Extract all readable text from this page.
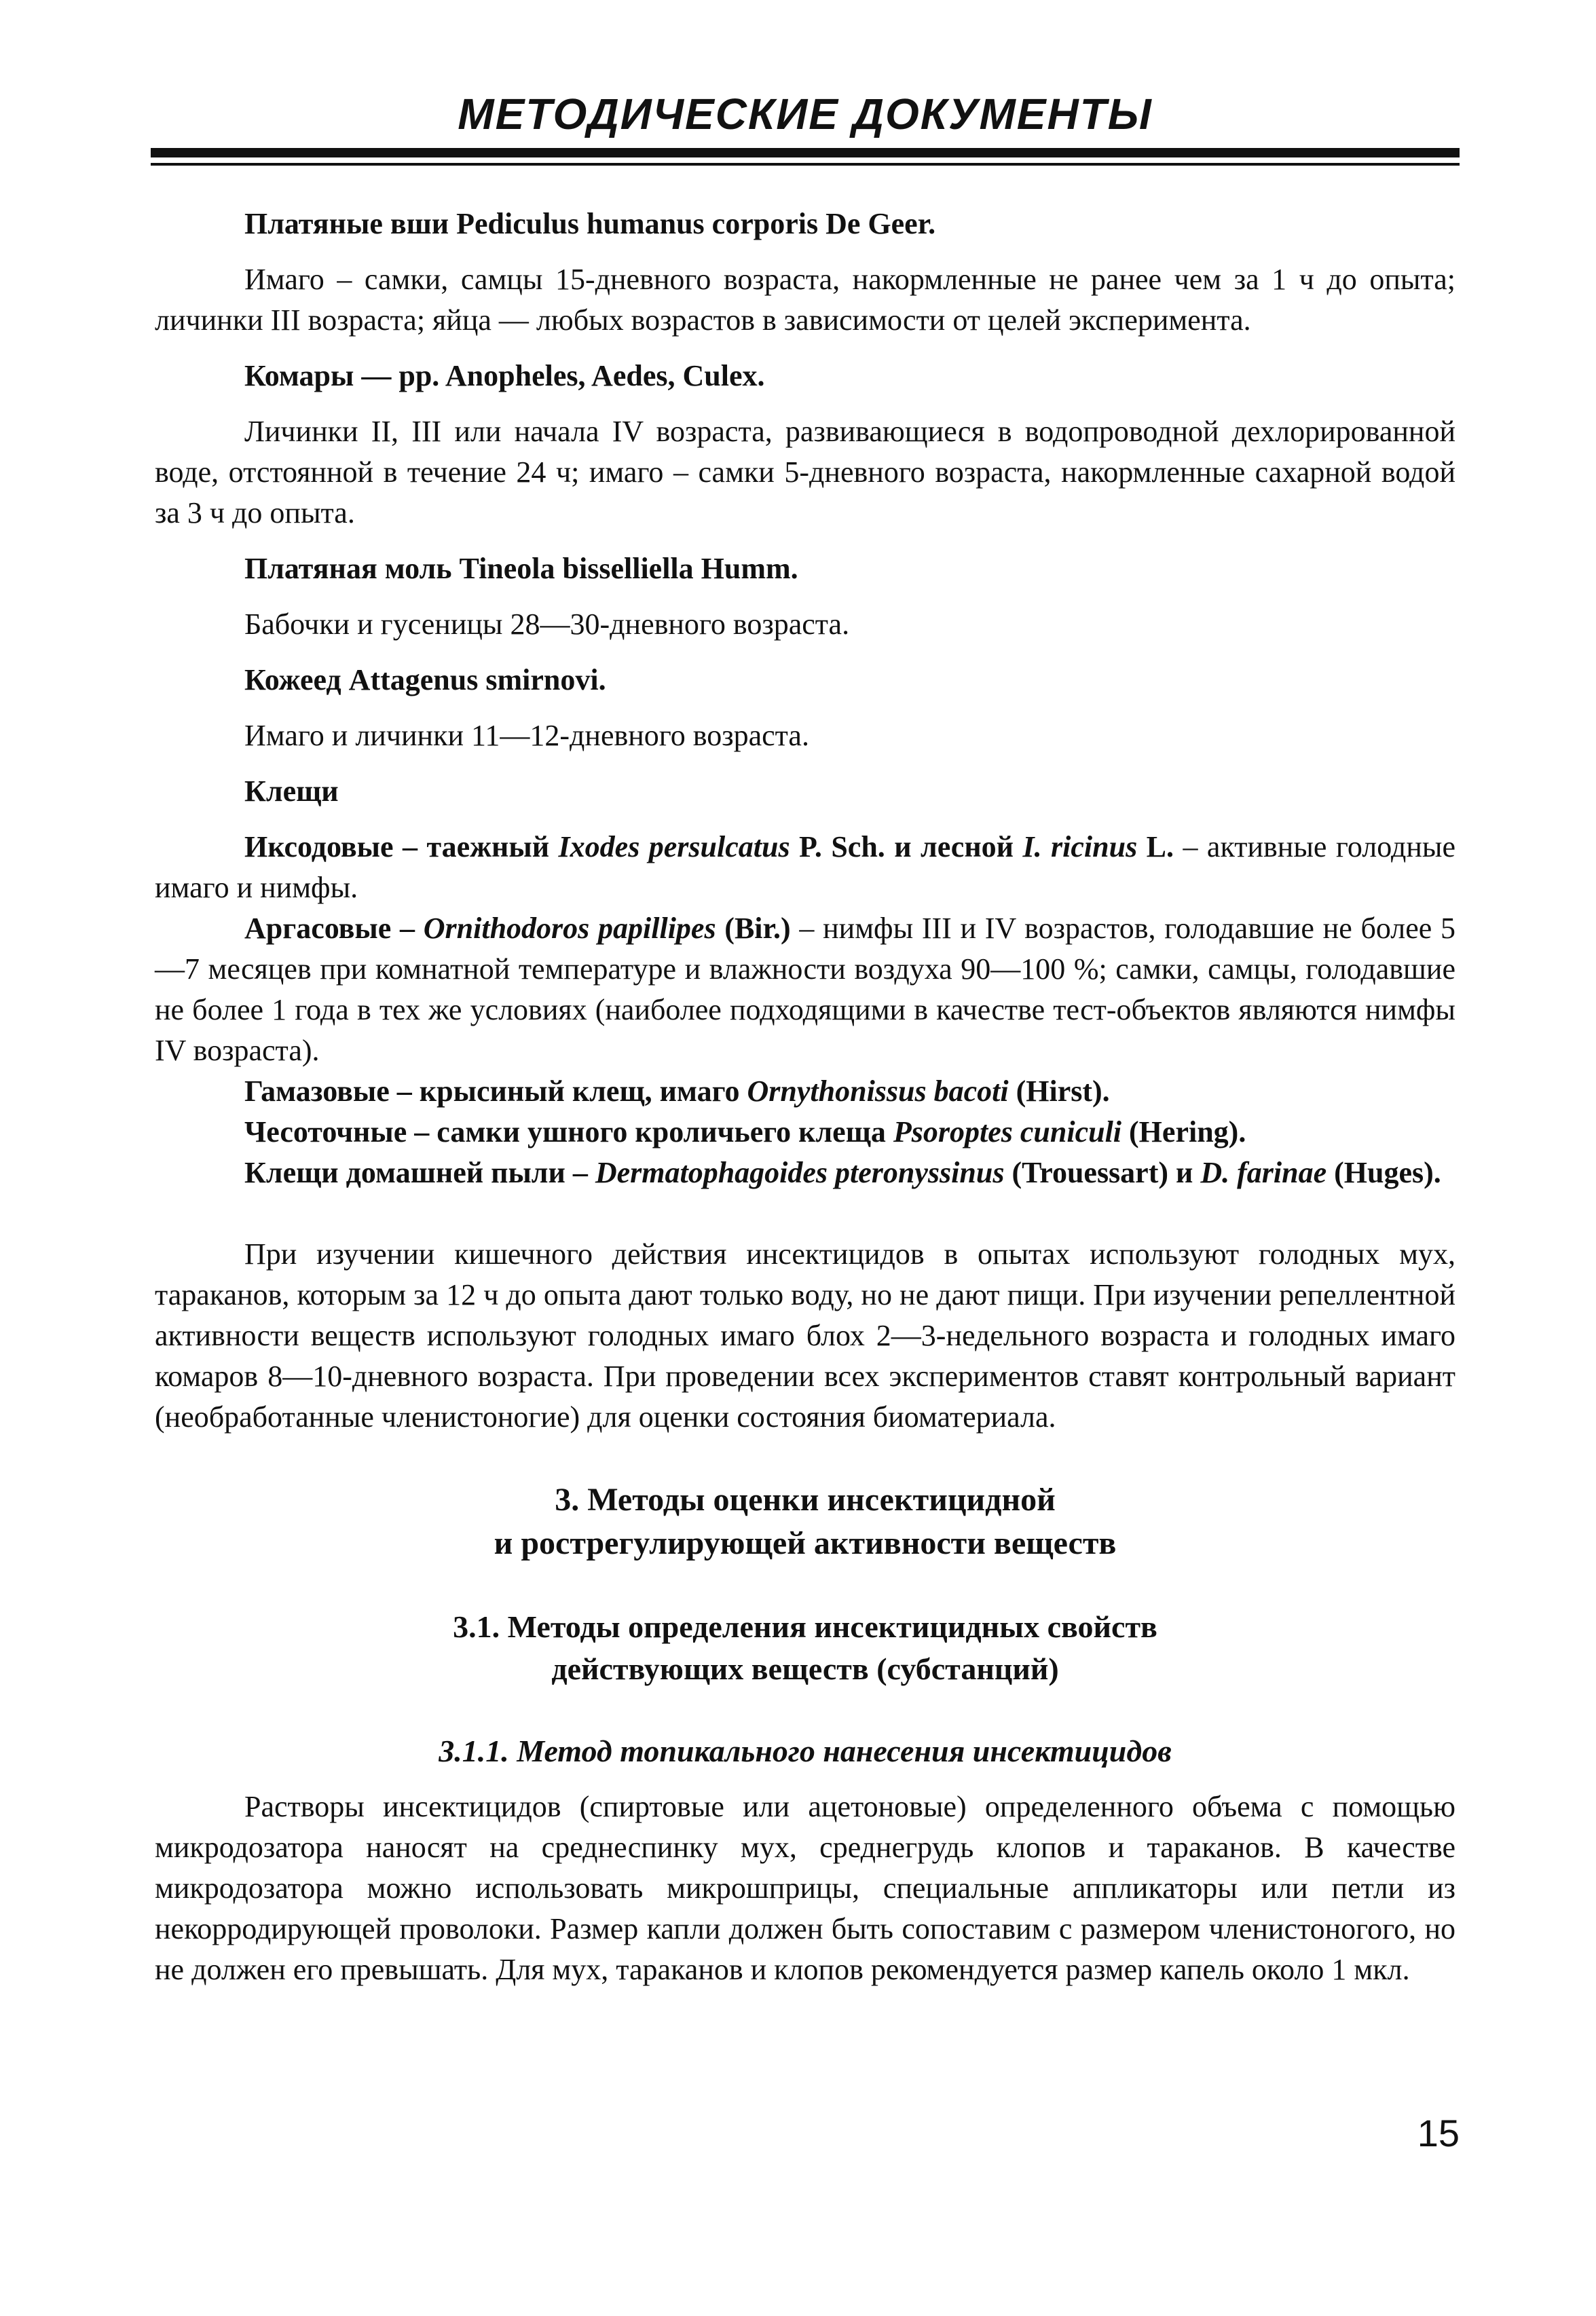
МЕТОДИЧЕСКИЕ ДОКУМЕНТЫ

Платяные вши Pediculus humanus corporis De Geer.

Имаго – самки, самцы 15-дневного возраста, накормленные не ранее чем за 1 ч до опыта; личинки III возраста; яйца — любых возрастов в зависимости от целей эксперимента.

Комары — pp. Anopheles, Aedes, Culex.

Личинки II, III или начала IV возраста, развивающиеся в водопроводной дехлорированной воде, отстоянной в течение 24 ч; имаго – самки 5-дневного возраста, накормленные сахарной водой за 3 ч до опыта.

Платяная моль Tineola bisselliella Humm.

Бабочки и гусеницы 28—30-дневного возраста.

Кожеед Attagenus smirnovi.

Имаго и личинки 11—12-дневного возраста.

Клещи

Иксодовые – таежный Ixodes persulcatus P. Sch. и лесной I. ricinus L. – активные голодные имаго и нимфы.

Аргасовые – Ornithodoros papillipes (Bir.) – нимфы III и IV возрастов, голодавшие не более 5—7 месяцев при комнатной температуре и влажности воздуха 90—100 %; самки, самцы, голодавшие не более 1 года в тех же условиях (наиболее подходящими в качестве тест-объектов являются нимфы IV возраста).

Гамазовые – крысиный клещ, имаго Ornythonissus bacoti (Hirst).

Чесоточные – самки ушного кроличьего клеща Psoroptes cuniculi (Hering).

Клещи домашней пыли – Dermatophagoides pteronyssinus (Trouessart) и D. farinae (Huges).

При изучении кишечного действия инсектицидов в опытах используют голодных мух, тараканов, которым за 12 ч до опыта дают только воду, но не дают пищи. При изучении репеллентной активности веществ используют голодных имаго блох 2—3-недельного возраста и голодных имаго комаров 8—10-дневного возраста. При проведении всех экспериментов ставят контрольный вариант (необработанные членистоногие) для оценки состояния биоматериала.

3. Методы оценки инсектицидной

и рострегулирующей активности веществ

3.1. Методы определения инсектицидных свойств

действующих веществ (субстанций)

3.1.1. Метод топикального нанесения инсектицидов

Растворы инсектицидов (спиртовые или ацетоновые) определенного объема с помощью микродозатора наносят на среднеспинку мух, среднегрудь клопов и тараканов. В качестве микродозатора можно использовать микрошприцы, специальные аппликаторы или петли из некорродирующей проволоки. Размер капли должен быть сопоставим с размером членистоногого, но не должен его превышать. Для мух, тараканов и клопов рекомендуется размер капель около 1 мкл.

15
